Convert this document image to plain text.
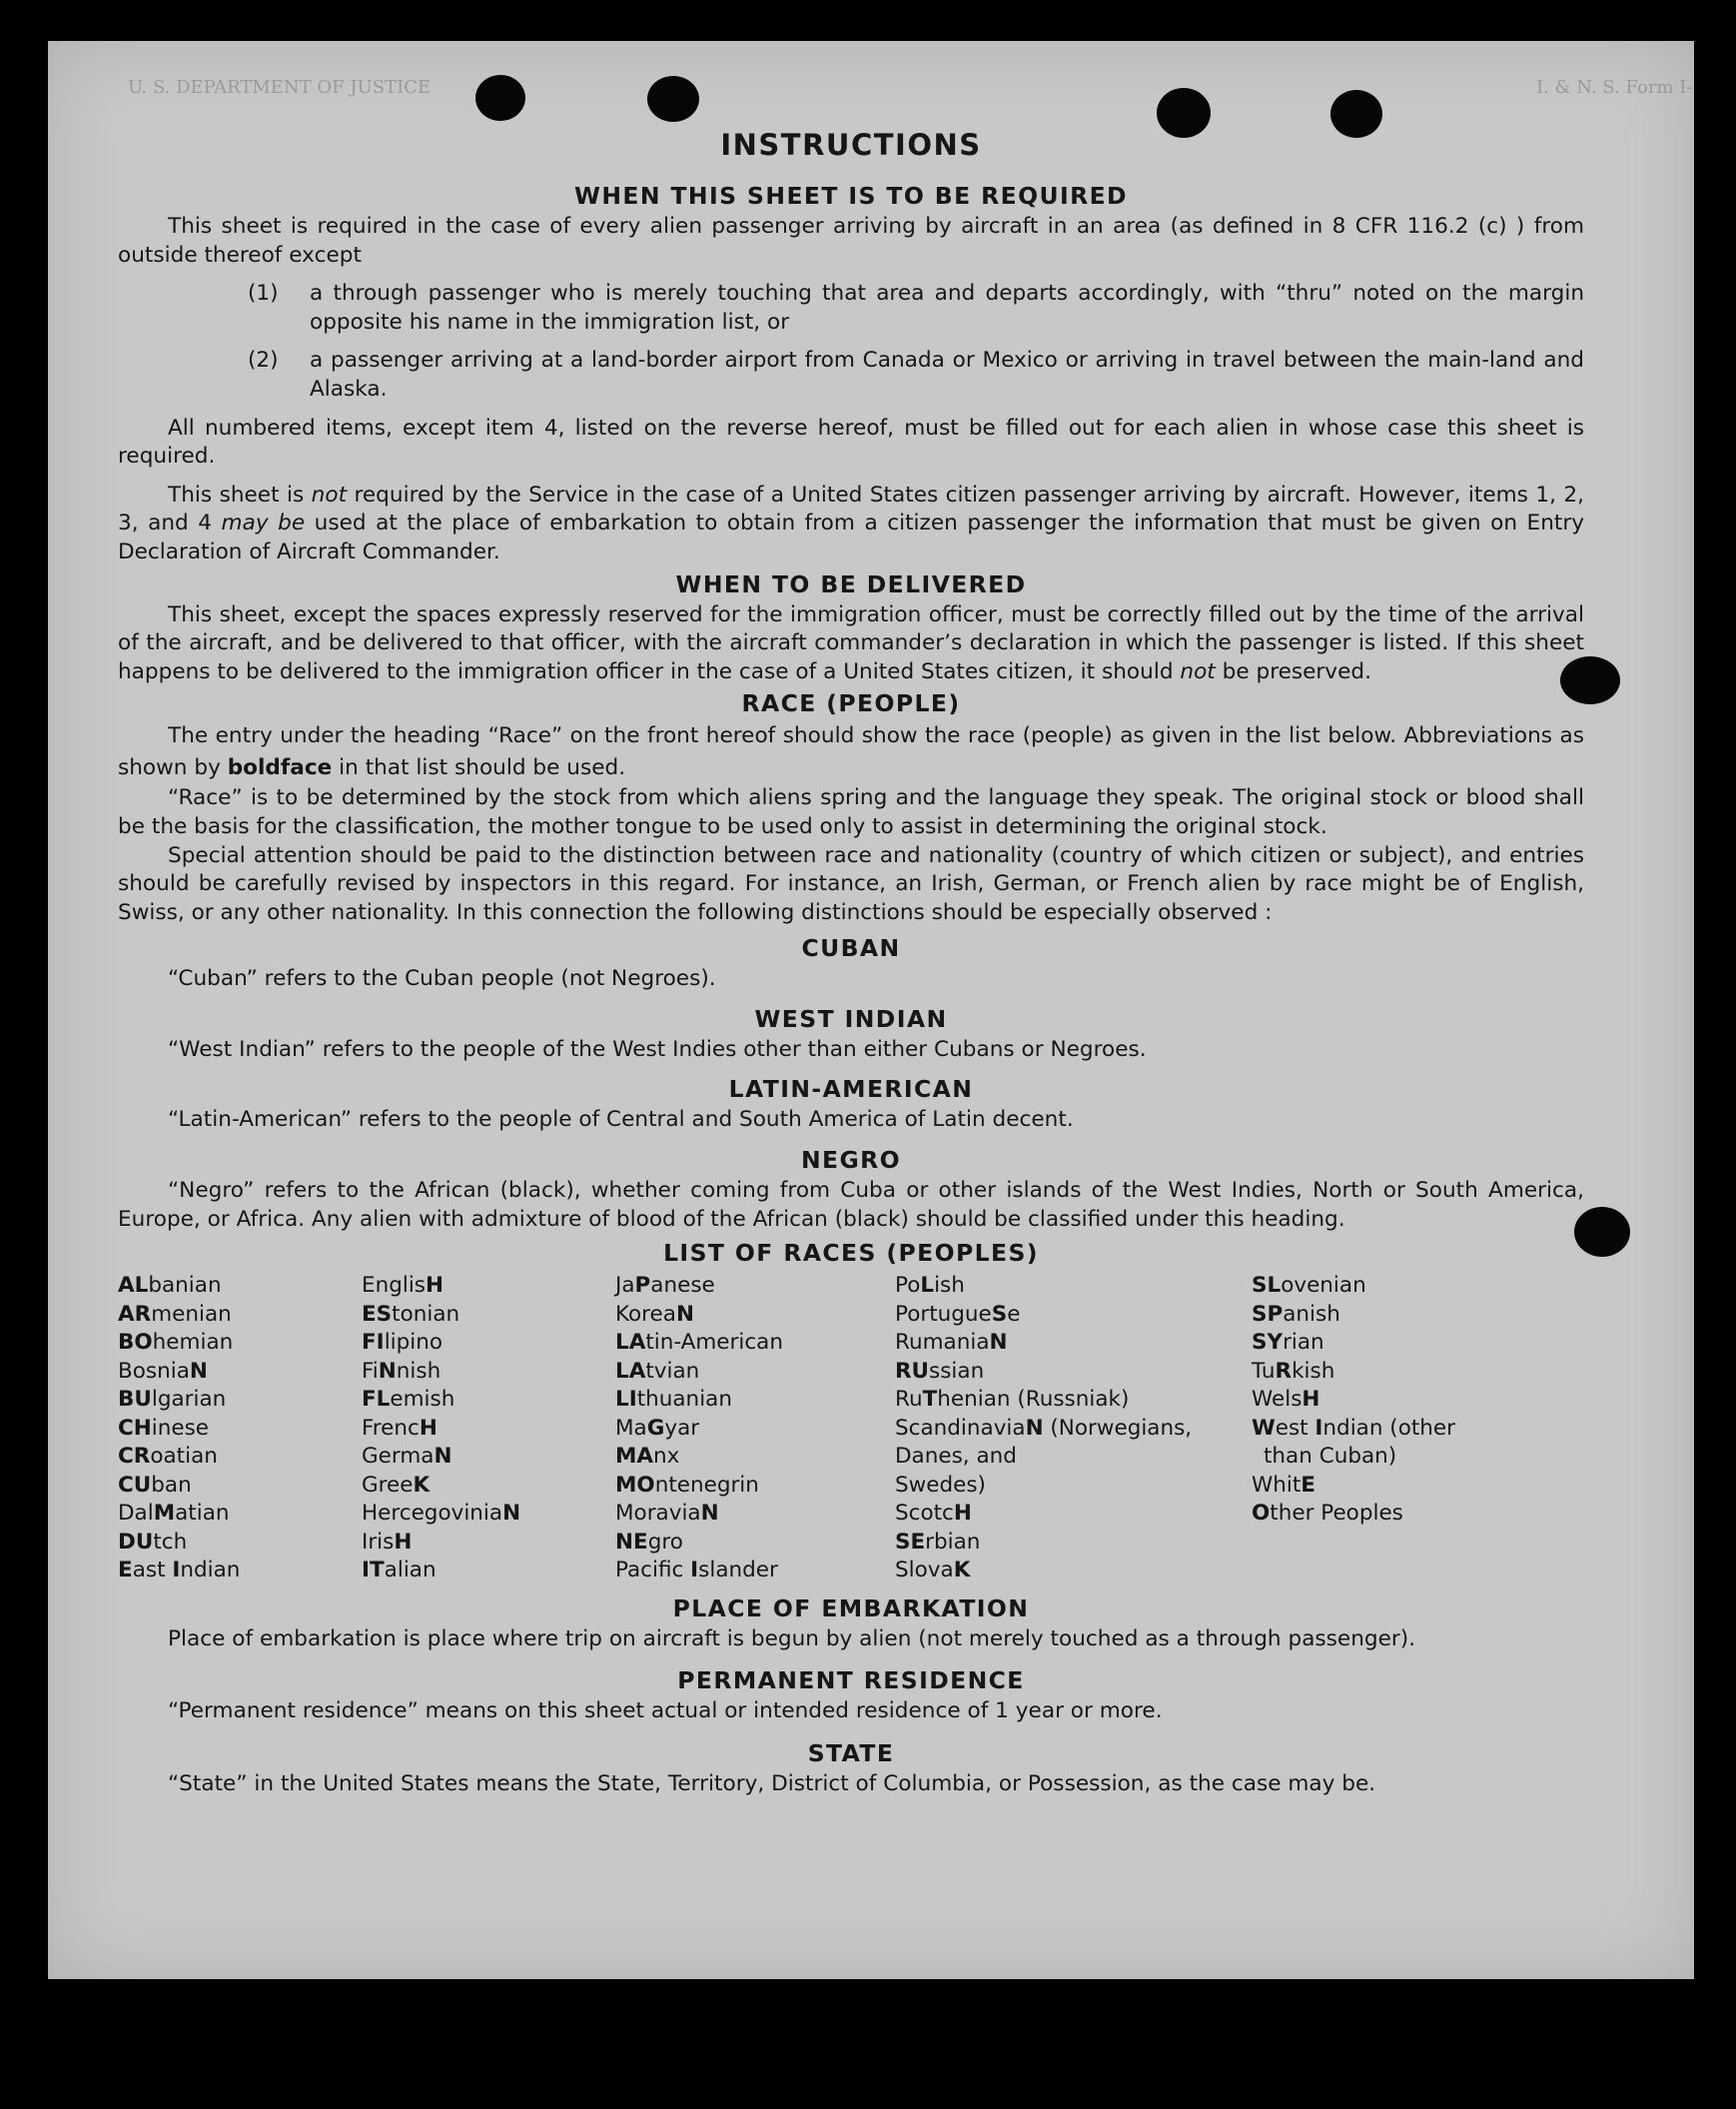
U. S. DEPARTMENT OF JUSTICE	I. & N. S. Form I-
INSTRUCTIONS
WHEN THIS SHEET IS TO BE REQUIRED

This sheet is required in the case of every alien passenger arriving by aircraft in an area (as defined in 8 CFR 116.2 (c) ) from outside thereof except

(1)	a through passenger who is merely touching that area and departs accordingly, with “thru” noted on the margin opposite his name in the immigration list, or
(2)	a passenger arriving at a land-border airport from Canada or Mexico or arriving in travel between the main-land and Alaska.

All numbered items, except item 4, listed on the reverse hereof, must be filled out for each alien in whose case this sheet is required.

This sheet is not required by the Service in the case of a United States citizen passenger arriving by aircraft. However, items 1, 2, 3, and 4 may be used at the place of embarkation to obtain from a citizen passenger the information that must be given on Entry Declaration of Aircraft Commander.

WHEN TO BE DELIVERED

This sheet, except the spaces expressly reserved for the immigration officer, must be correctly filled out by the time of the arrival of the aircraft, and be delivered to that officer, with the aircraft commander’s declaration in which the passenger is listed. If this sheet happens to be delivered to the immigration officer in the case of a United States citizen, it should not be preserved.

RACE (PEOPLE)

The entry under the heading “Race” on the front hereof should show the race (people) as given in the list below. Abbreviations as shown by boldface in that list should be used.

“Race” is to be determined by the stock from which aliens spring and the language they speak. The original stock or blood shall be the basis for the classification, the mother tongue to be used only to assist in determining the original stock.

Special attention should be paid to the distinction between race and nationality (country of which citizen or subject), and entries should be carefully revised by inspectors in this regard. For instance, an Irish, German, or French alien by race might be of English, Swiss, or any other nationality. In this connection the following distinctions should be especially observed :

CUBAN

“Cuban” refers to the Cuban people (not Negroes).

WEST INDIAN

“West Indian” refers to the people of the West Indies other than either Cubans or Negroes.

LATIN-AMERICAN

“Latin-American” refers to the people of Central and South America of Latin decent.

NEGRO

“Negro” refers to the African (black), whether coming from Cuba or other islands of the West Indies, North or South America, Europe, or Africa. Any alien with admixture of blood of the African (black) should be classified under this heading.

LIST OF RACES (PEOPLES)
ALbanian
ARmenian
BOhemian
BosniaN
BUlgarian
CHinese
CRoatian
CUban
DalMatian
DUtch
East Indian
EnglisH
EStonian
FIlipino
FiNnish
FLemish
FrencH
GermaN
GreeK
HercegoviniaN
IrisH
ITalian
JaPanese
KoreaN
LAtin-American
LAtvian
LIthuanian
MaGyar
MAnx
MOntenegrin
MoraviaN
NEgro
Pacific Islander
PoLish
PortugueSe
RumaniaN
RUssian
RuThenian (Russniak)
ScandinaviaN (Norwegians,
Danes, and
Swedes)
ScotcH
SErbian
SlovaK
SLovenian
SPanish
SYrian
TuRkish
WelsH
West Indian (other
than Cuban)
WhitE
Other Peoples
PLACE OF EMBARKATION

Place of embarkation is place where trip on aircraft is begun by alien (not merely touched as a through passenger).

PERMANENT RESIDENCE

“Permanent residence” means on this sheet actual or intended residence of 1 year or more.

STATE

“State” in the United States means the State, Territory, District of Columbia, or Possession, as the case may be.
